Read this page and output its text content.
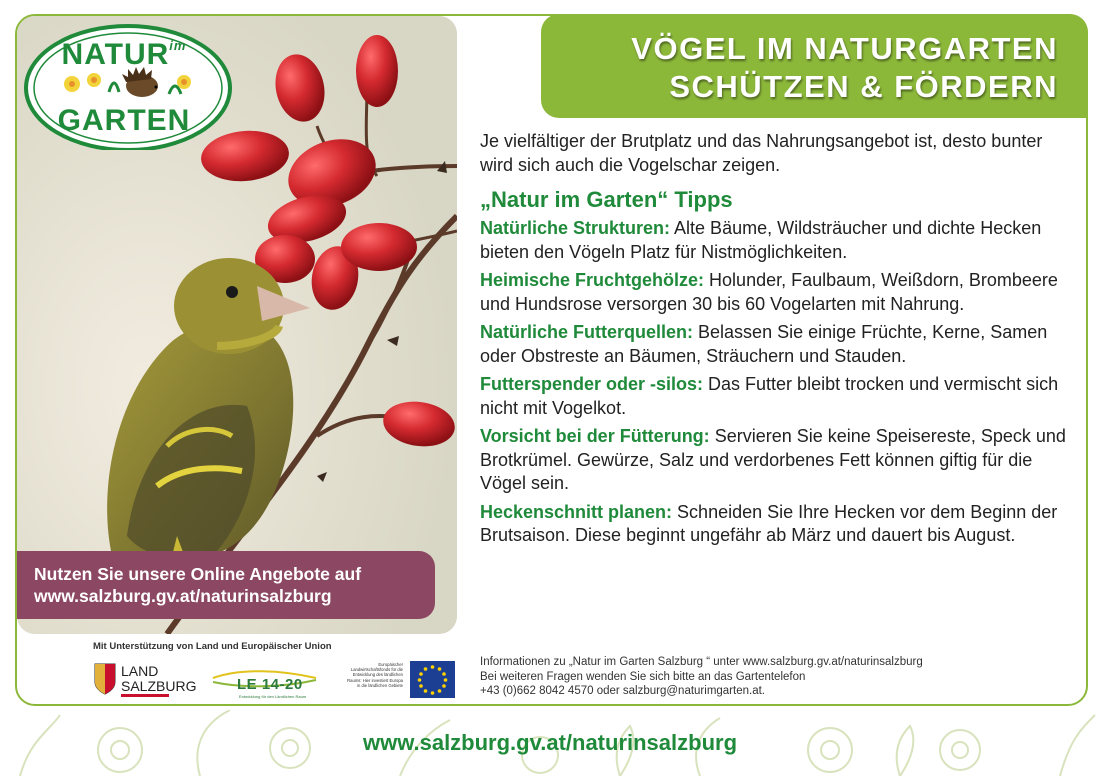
$NATUR^{im}$
GARTEN
VÖGEL IM NATURGARTEN
SCHÜTZEN & FÖRDERN

Je vielfältiger der Brutplatz und das Nahrungsangebot ist, desto bunter wird sich auch die Vogelschar zeigen.

„Natur im Garten“ Tipps

Natürliche Strukturen: Alte Bäume, Wildsträucher und dichte Hecken bieten den Vögeln Platz für Nistmöglichkeiten.

Heimische Fruchtgehölze: Holunder, Faulbaum, Weißdorn, Brombeere und Hundsrose versorgen 30 bis 60 Vogelarten mit Nahrung.

Natürliche Futterquellen: Belassen Sie einige Früchte, Kerne, Samen oder Obstreste an Bäumen, Sträuchern und Stauden.

Futterspender oder -silos: Das Futter bleibt trocken und vermischt sich nicht mit Vogelkot.

Vorsicht bei der Fütterung: Servieren Sie keine Speisereste, Speck und Brotkrümel. Gewürze, Salz und verdorbenes Fett können giftig für die Vögel sein.

Heckenschnitt planen: Schneiden Sie Ihre Hecken vor dem Beginn der Brutsaison. Diese beginnt ungefähr ab März und dauert bis August.

Nutzen Sie unsere Online Angebote auf
www.salzburg.gv.at/naturinsalzburg
Mit Unterstützung von Land und Europäischer Union
LAND
SALZBURG	LE 14-20
Entwicklung für den Ländlichen Raum
Europäischer Landwirtschaftsfonds für die Entwicklung des ländlichen Raums: Hier investiert Europa in die ländlichen Gebiete
Informationen zu „Natur im Garten Salzburg “ unter www.salzburg.gv.at/naturinsalzburg
Bei weiteren Fragen wenden Sie sich bitte an das Gartentelefon
+43 (0)662 8042 4570 oder salzburg@naturimgarten.at.
www.salzburg.gv.at/naturinsalzburg
